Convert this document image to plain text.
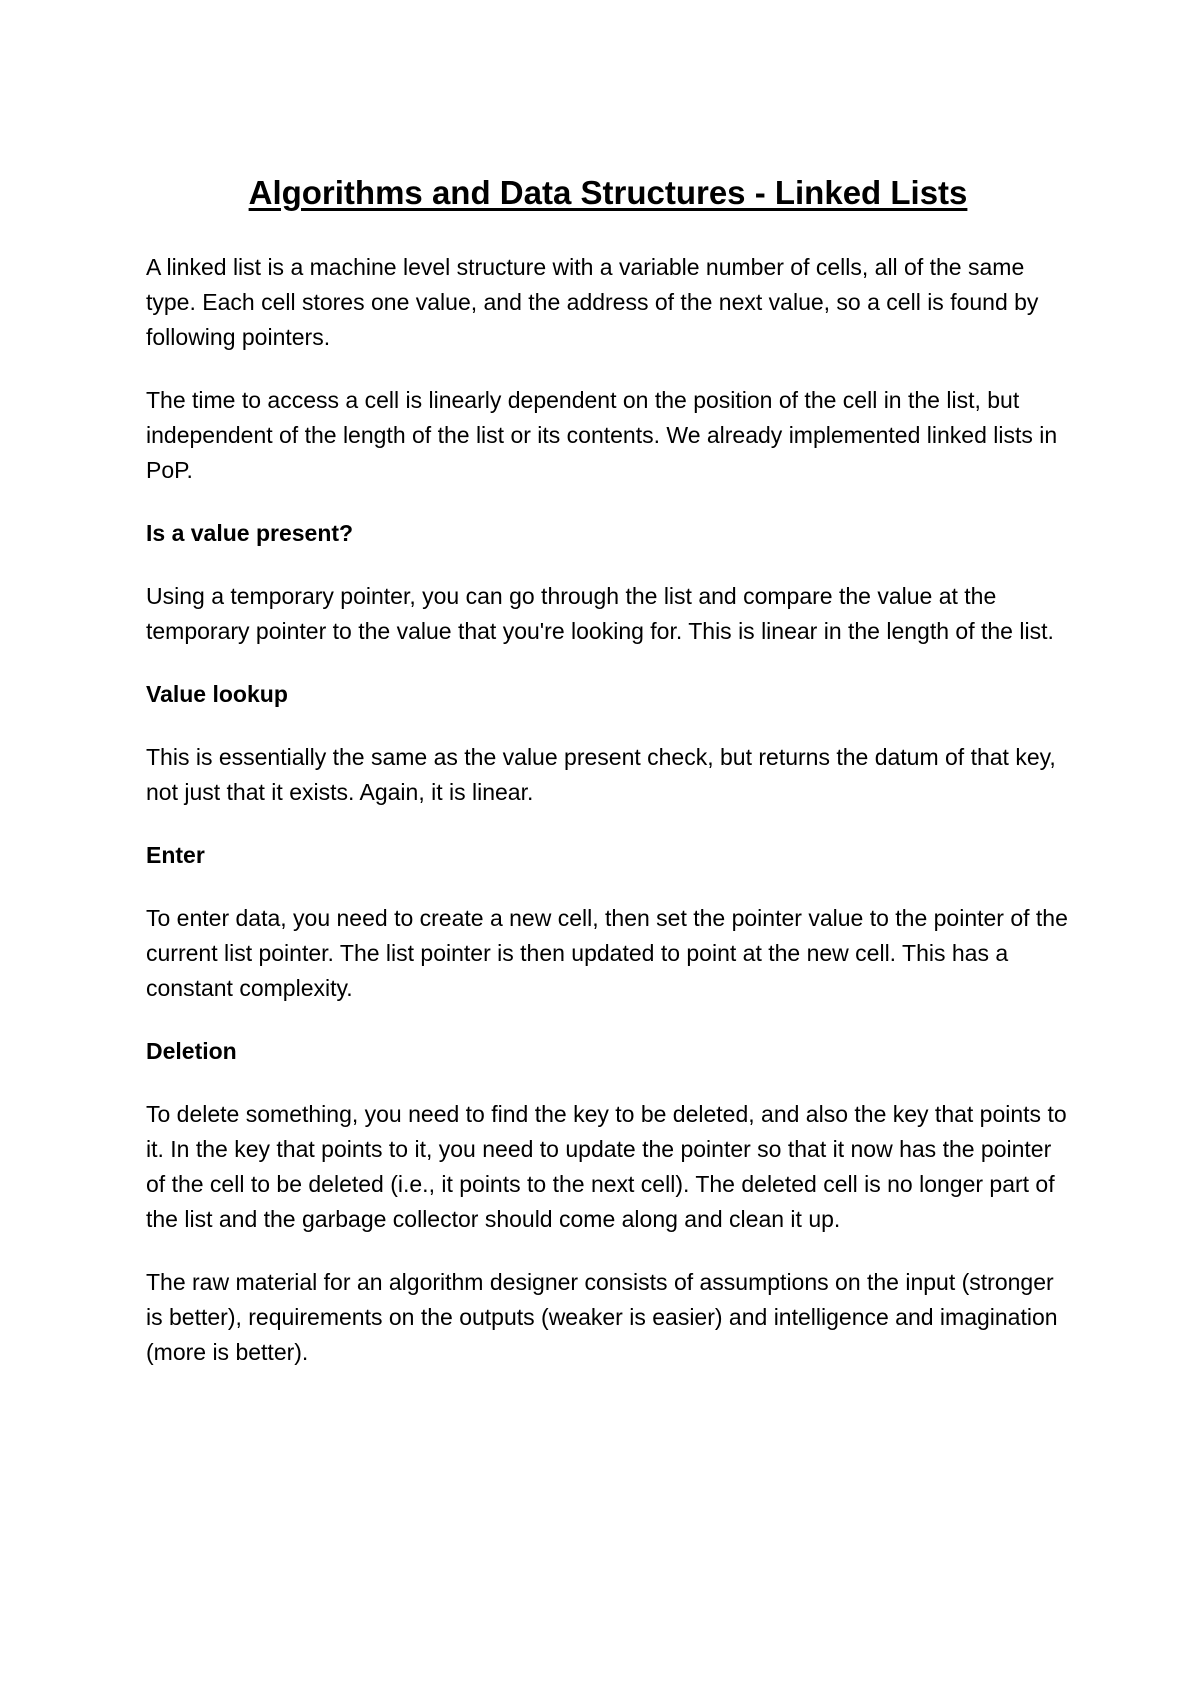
Algorithms and Data Structures - Linked Lists

A linked list is a machine level structure with a variable number of cells, all of the same type. Each cell stores one value, and the address of the next value, so a cell is found by following pointers.

The time to access a cell is linearly dependent on the position of the cell in the list, but independent of the length of the list or its contents. We already implemented linked lists in PoP.

Is a value present?

Using a temporary pointer, you can go through the list and compare the value at the temporary pointer to the value that you're looking for. This is linear in the length of the list.

Value lookup

This is essentially the same as the value present check, but returns the datum of that key, not just that it exists. Again, it is linear.

Enter

To enter data, you need to create a new cell, then set the pointer value to the pointer of the current list pointer. The list pointer is then updated to point at the new cell. This has a constant complexity.

Deletion

To delete something, you need to find the key to be deleted, and also the key that points to it. In the key that points to it, you need to update the pointer so that it now has the pointer of the cell to be deleted (i.e., it points to the next cell). The deleted cell is no longer part of the list and the garbage collector should come along and clean it up.

The raw material for an algorithm designer consists of assumptions on the input (stronger is better), requirements on the outputs (weaker is easier) and intelligence and imagination (more is better).
